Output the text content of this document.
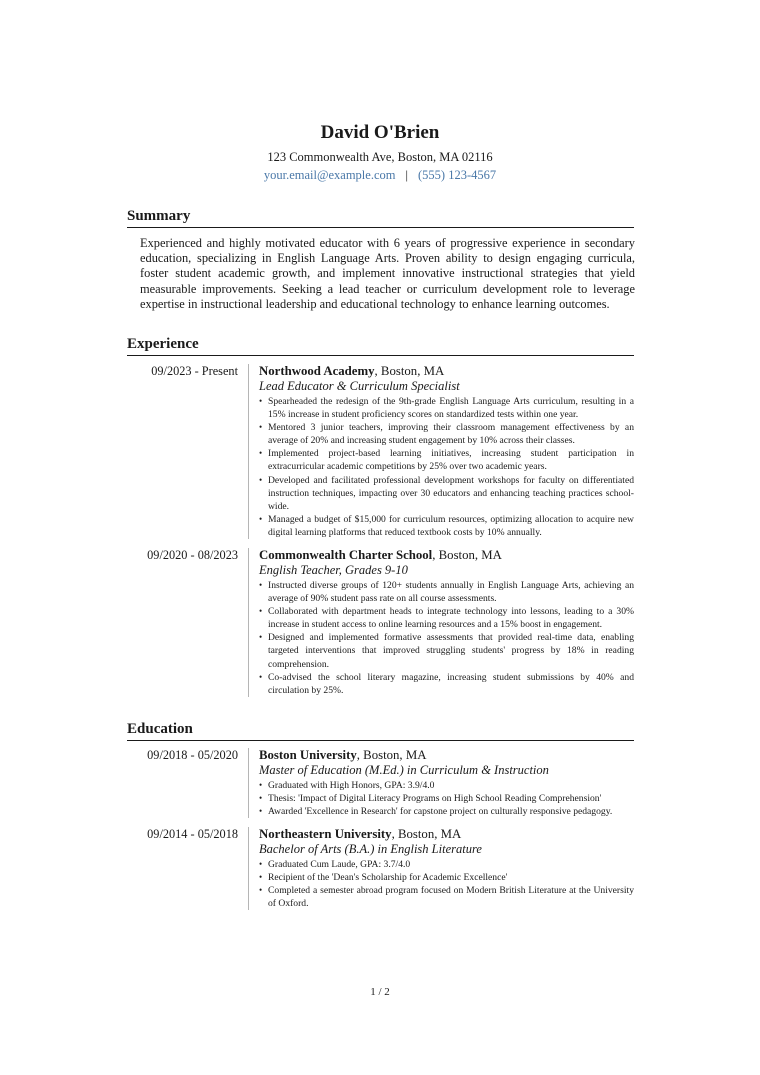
David O'Brien
123 Commonwealth Ave, Boston, MA 02116
your.email@example.com | (555) 123-4567
Summary
Experienced and highly motivated educator with 6 years of progressive experience in secondary education, specializing in English Language Arts. Proven ability to design engaging curricula, foster student academic growth, and implement innovative instructional strategies that yield measurable improvements. Seeking a lead teacher or curriculum development role to leverage expertise in instructional leadership and educational technology to enhance learning outcomes.
Experience
09/2023 - Present Northwood Academy, Boston, MA
Lead Educator & Curriculum Specialist
• Spearheaded the redesign of the 9th-grade English Language Arts curriculum, resulting in a 15% increase in student proficiency scores on standardized tests within one year.
• Mentored 3 junior teachers, improving their classroom management effectiveness by an average of 20% and increasing student engagement by 10% across their classes.
• Implemented project-based learning initiatives, increasing student participation in extracurricular academic competitions by 25% over two academic years.
• Developed and facilitated professional development workshops for faculty on differentiated instruction techniques, impacting over 30 educators and enhancing teaching practices school-wide.
• Managed a budget of $15,000 for curriculum resources, optimizing allocation to acquire new digital learning platforms that reduced textbook costs by 10% annually.
09/2020 - 08/2023 Commonwealth Charter School, Boston, MA
English Teacher, Grades 9-10
• Instructed diverse groups of 120+ students annually in English Language Arts, achieving an average of 90% student pass rate on all course assessments.
• Collaborated with department heads to integrate technology into lessons, leading to a 30% increase in student access to online learning resources and a 15% boost in engagement.
• Designed and implemented formative assessments that provided real-time data, enabling targeted interventions that improved struggling students' progress by 18% in reading comprehension.
• Co-advised the school literary magazine, increasing student submissions by 40% and circulation by 25%.
Education
09/2018 - 05/2020 Boston University, Boston, MA
Master of Education (M.Ed.) in Curriculum & Instruction
• Graduated with High Honors, GPA: 3.9/4.0
• Thesis: 'Impact of Digital Literacy Programs on High School Reading Comprehension'
• Awarded 'Excellence in Research' for capstone project on culturally responsive pedagogy.
09/2014 - 05/2018 Northeastern University, Boston, MA
Bachelor of Arts (B.A.) in English Literature
• Graduated Cum Laude, GPA: 3.7/4.0
• Recipient of the 'Dean's Scholarship for Academic Excellence'
• Completed a semester abroad program focused on Modern British Literature at the University of Oxford.
1 / 2
